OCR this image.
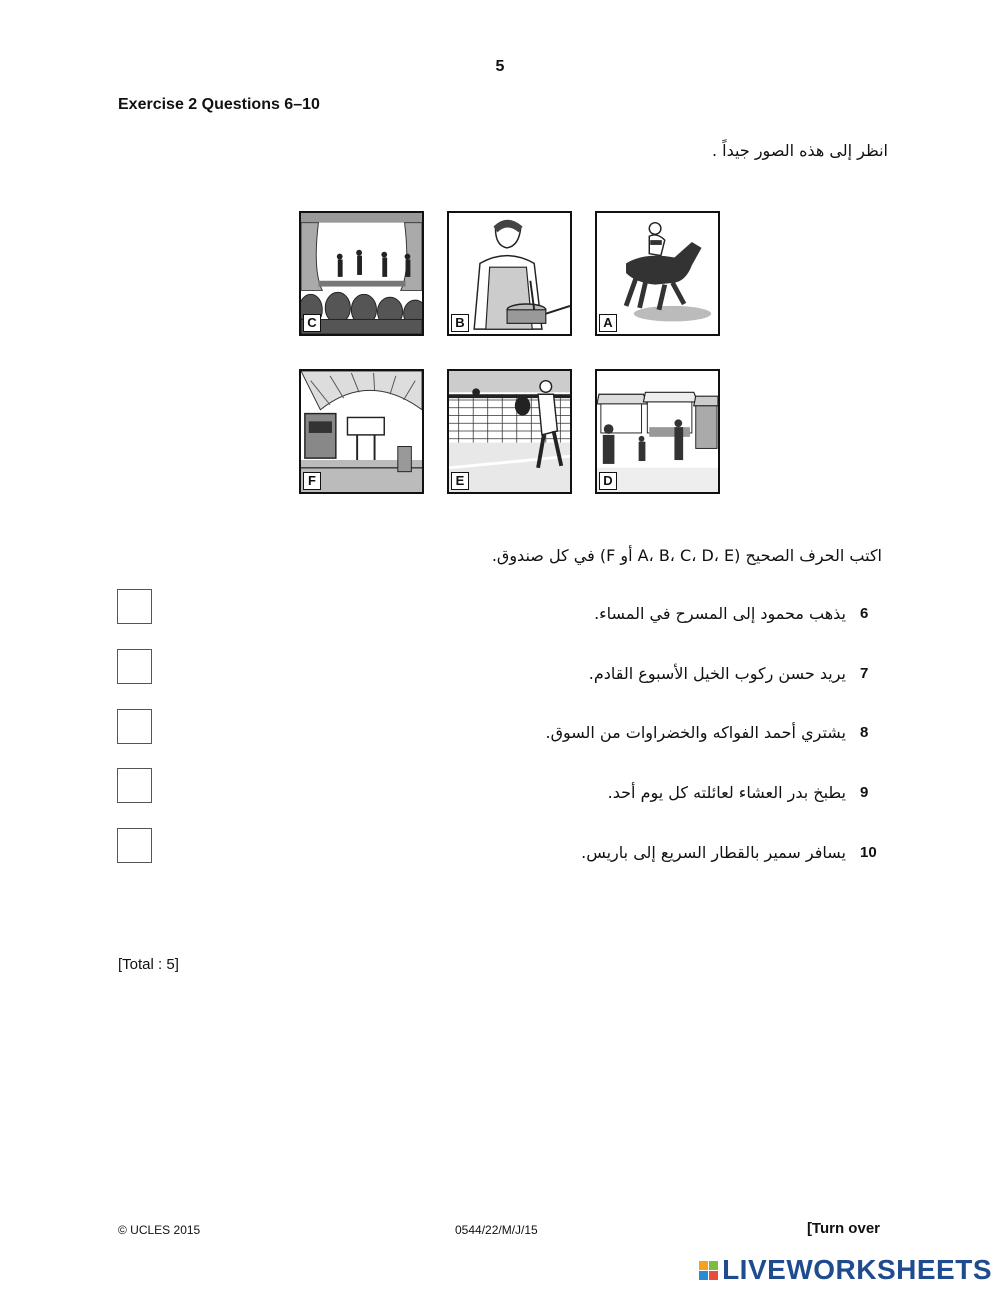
5
Exercise 2 Questions 6–10
انظر إلى هذه الصور جيداً .
C	B	A
F	E	D
اكتب الحرف الصحيح (A، B، C، D، E أو F) في كل صندوق.
يذهب محمود إلى المسرح في المساء. 6
يريد حسن ركوب الخيل الأسبوع القادم. 7
يشتري أحمد الفواكه والخضراوات من السوق. 8
يطبخ بدر العشاء لعائلته كل يوم أحد. 9
يسافر سمير بالقطار السريع إلى باريس. 10
[Total : 5]
© UCLES 2015	0544/22/M/J/15	[Turn over
LIVEWORKSHEETS
